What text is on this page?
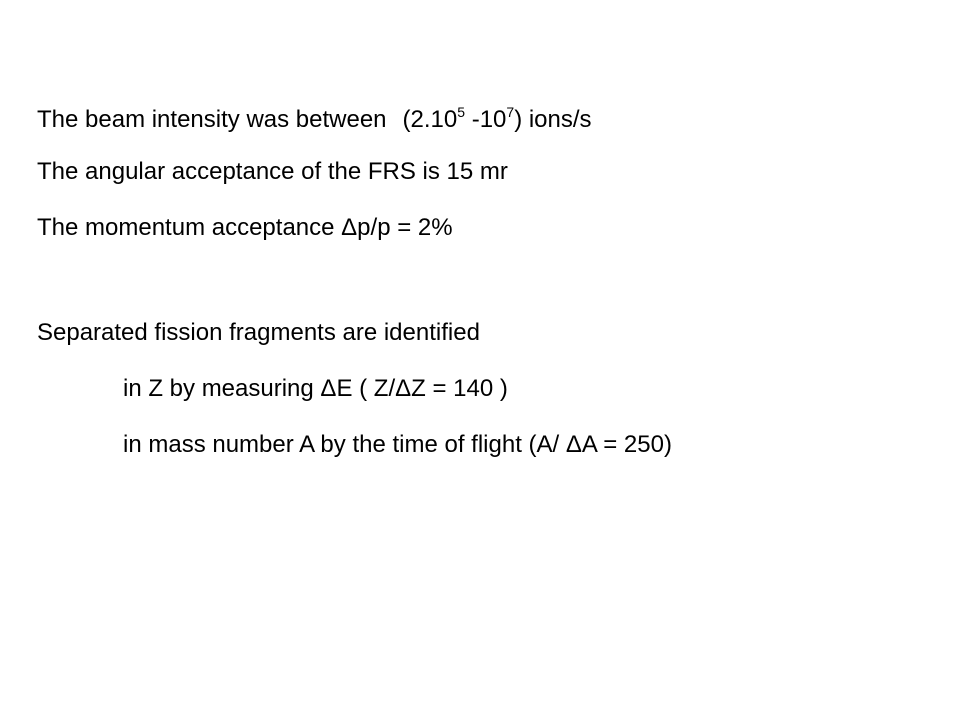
The beam intensity was between (2.10$^5$ $-10^7$) ions/s
The angular acceptance of the FRS is 15 mr
The momentum acceptance Δp/p = 2%
Separated fission fragments are identified
in Z by measuring ΔE ( Z/ΔZ = 140 )
in mass number A by the time of flight (A/ ΔA = 250)
